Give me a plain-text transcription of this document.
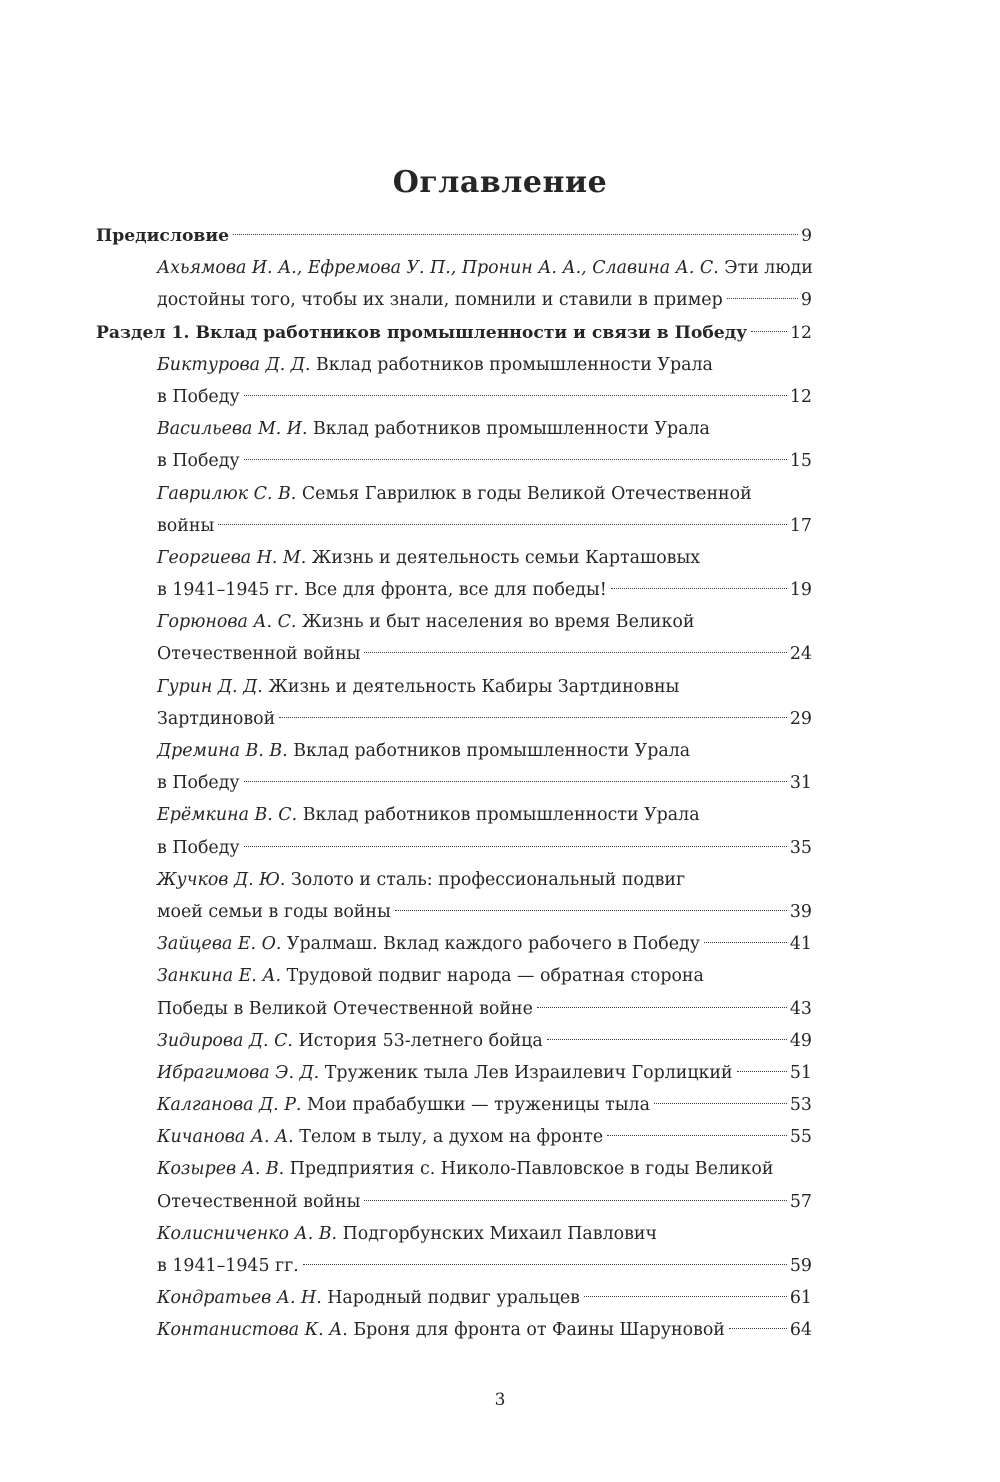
Оглавление
Предисловие	9
Ахьямова И. А., Ефремова У. П., Пронин А. А., Славина А. С. Эти люди
достойны того, чтобы их знали, помнили и ставили в пример	9
Раздел 1. Вклад работников промышленности и связи в Победу 12
Биктурова Д. Д. Вклад работников промышленности Урала
в Победу	12
Васильева М. И. Вклад работников промышленности Урала
в Победу	15
Гаврилюк С. В. Семья Гаврилюк в годы Великой Отечественной
войны	17
Георгиева Н. М. Жизнь и деятельность семьи Карташовых
в 1941–1945 гг. Все для фронта, все для победы!	19
Горюнова А. С. Жизнь и быт населения во время Великой
Отечественной войны	24
Гурин Д. Д. Жизнь и деятельность Кабиры Зартдиновны
Зартдиновой	29
Дремина В. В. Вклад работников промышленности Урала
в Победу	31
Ерёмкина В. С. Вклад работников промышленности Урала
в Победу	35
Жучков Д. Ю. Золото и сталь: профессиональный подвиг
моей семьи в годы войны	39
Зайцева Е. О. Уралмаш. Вклад каждого рабочего в Победу	41
Занкина Е. А. Трудовой подвиг народа — обратная сторона
Победы в Великой Отечественной войне	43
Зидирова Д. С. История 53-летнего бойца	49
Ибрагимова Э. Д. Труженик тыла Лев Израилевич Горлицкий	51
Калганова Д. Р. Мои прабабушки — труженицы тыла	53
Кичанова А. А. Телом в тылу, а духом на фронте	55
Козырев А. В. Предприятия с. Николо-Павловское в годы Великой
Отечественной войны	57
Колисниченко А. В. Подгорбунских Михаил Павлович
в 1941–1945 гг.	59
Кондратьев А. Н. Народный подвиг уральцев	61
Контанистова К. А. Броня для фронта от Фаины Шаруновой	64
3
